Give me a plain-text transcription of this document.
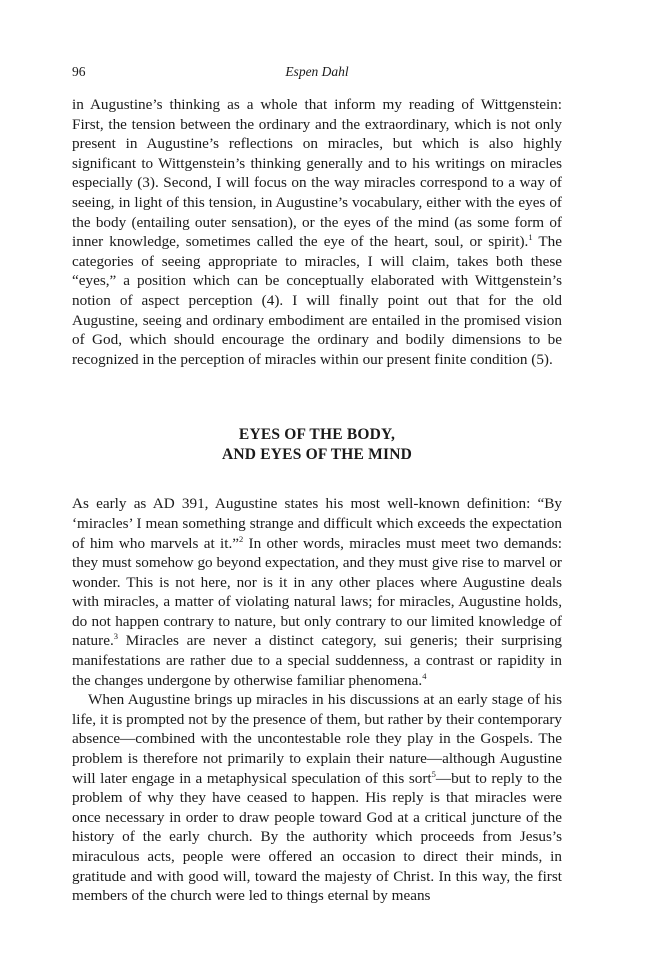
96	Espen Dahl

in Augustine’s thinking as a whole that inform my reading of Wittgenstein: First, the tension between the ordinary and the extraordinary, which is not only present in Augustine’s reflections on miracles, but which is also highly significant to Wittgenstein’s thinking generally and to his writings on miracles especially (3). Second, I will focus on the way miracles correspond to a way of seeing, in light of this tension, in Augustine’s vocabulary, either with the eyes of the body (entailing outer sensation), or the eyes of the mind (as some form of inner knowledge, sometimes called the eye of the heart, soul, or spirit).$^1$ The categories of seeing appropriate to miracles, I will claim, takes both these “eyes,” a position which can be conceptually elaborated with Wittgenstein’s notion of aspect perception (4). I will finally point out that for the old Augustine, seeing and ordinary embodiment are entailed in the promised vision of God, which should encourage the ordinary and bodily dimensions to be recognized in the perception of miracles within our present finite condition (5).

EYES OF THE BODY,
AND EYES OF THE MIND

As early as AD 391, Augustine states his most well-known definition: “By ‘miracles’ I mean something strange and difficult which exceeds the expectation of him who marvels at it.”$^2$ In other words, miracles must meet two demands: they must somehow go beyond expectation, and they must give rise to marvel or wonder. This is not here, nor is it in any other places where Augustine deals with miracles, a matter of violating natural laws; for miracles, Augustine holds, do not happen contrary to nature, but only contrary to our limited knowledge of nature.$^3$ Miracles are never a distinct category, sui generis; their surprising manifestations are rather due to a special suddenness, a contrast or rapidity in the changes undergone by otherwise familiar phenomena.$^4$

When Augustine brings up miracles in his discussions at an early stage of his life, it is prompted not by the presence of them, but rather by their contemporary absence—combined with the uncontestable role they play in the Gospels. The problem is therefore not primarily to explain their nature—although Augustine will later engage in a metaphysical speculation of this sort$^5$—but to reply to the problem of why they have ceased to happen. His reply is that miracles were once necessary in order to draw people toward God at a critical juncture of the history of the early church. By the authority which proceeds from Jesus’s miraculous acts, people were offered an occasion to direct their minds, in gratitude and with good will, toward the majesty of Christ. In this way, the first members of the church were led to things eternal by means
